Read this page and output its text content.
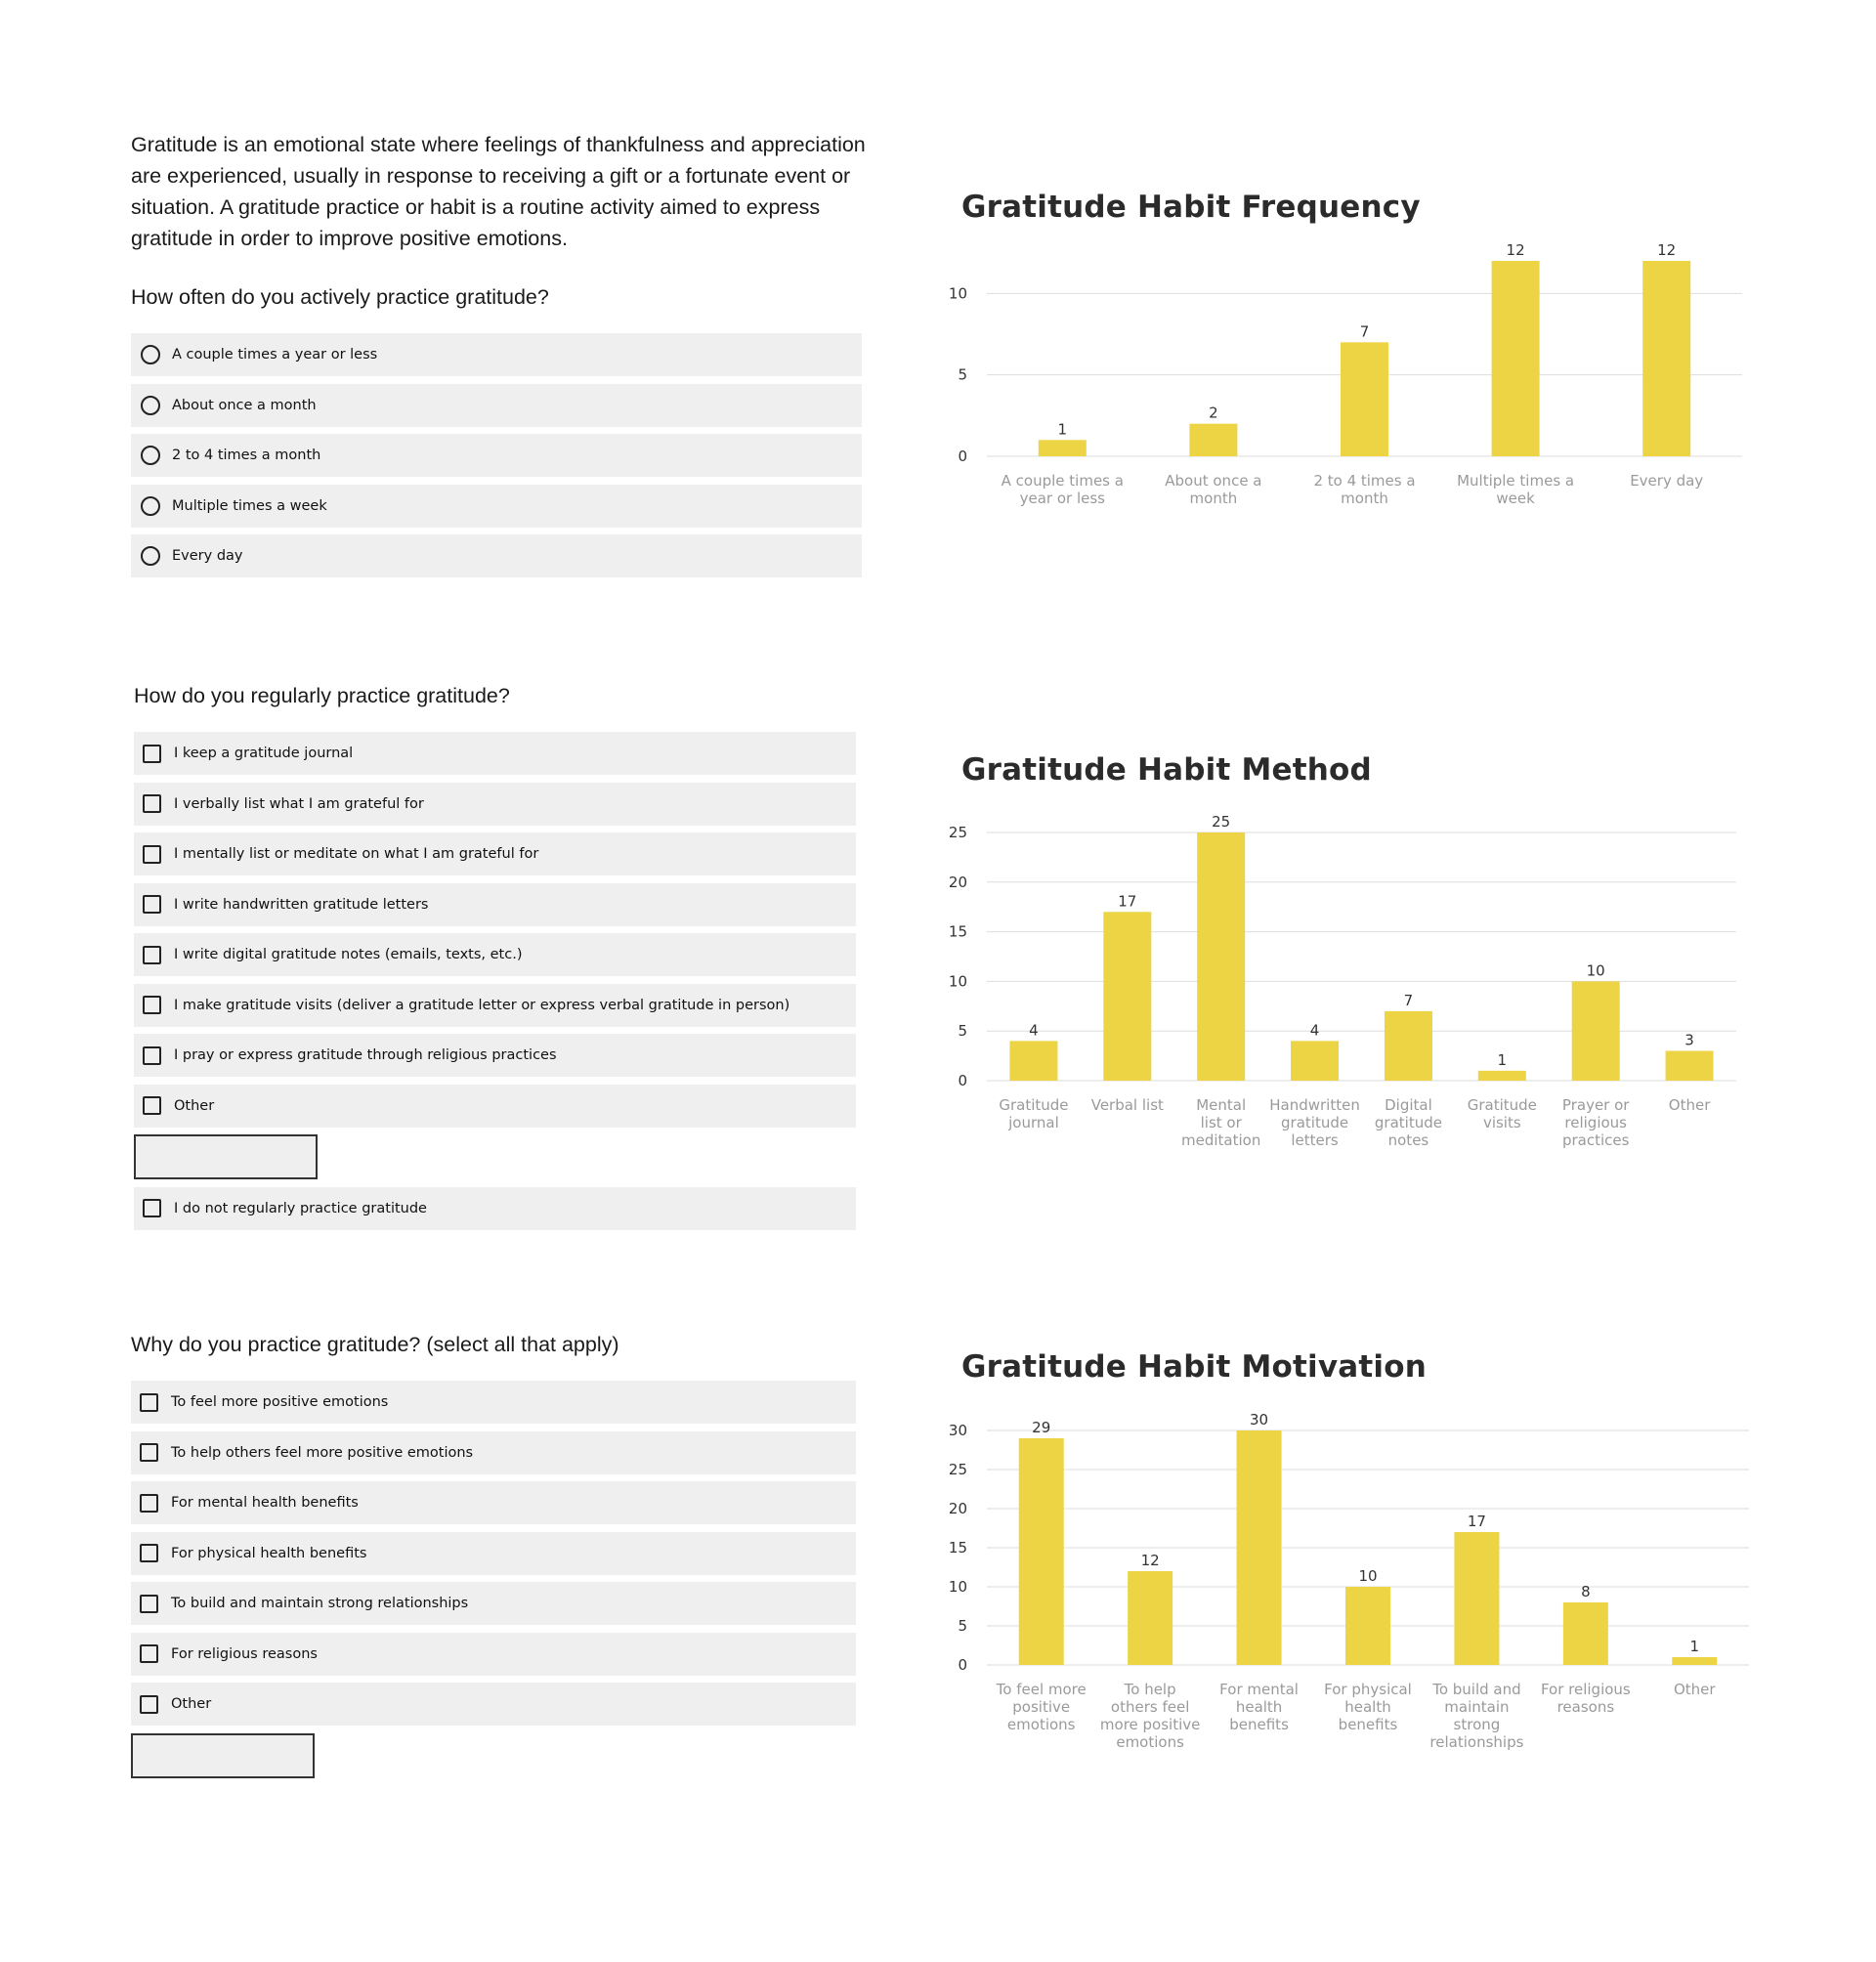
Gratitude is an emotional state where feelings of thankfulness and appreciation are experienced, usually in response to receiving a gift or a fortunate event or situation. A gratitude practice or habit is a routine activity aimed to express gratitude in order to improve positive emotions.

How often do you actively practice gratitude?

A couple times a year or less
About once a month
2 to 4 times a month
Multiple times a week
Every day

How do you regularly practice gratitude?

I keep a gratitude journal
I verbally list what I am grateful for
I mentally list or meditate on what I am grateful for
I write handwritten gratitude letters
I write digital gratitude notes (emails, texts, etc.)
I make gratitude visits (deliver a gratitude letter or express verbal gratitude in person)
I pray or express gratitude through religious practices
Other
I do not regularly practice gratitude

Why do you practice gratitude? (select all that apply)

To feel more positive emotions
To help others feel more positive emotions
For mental health benefits
For physical health benefits
To build and maintain strong relationships
For religious reasons
Other
Gratitude Habit Frequency
0
5
10
1
A couple times a year or less
2
About once a month
7
2 to 4 times a month
12
Multiple times a week
12
Every day
Gratitude Habit Method
0
5
10
15
20
25
4
Gratitude journal
17
Verbal list
25
Mental list or meditation
4
Handwritten gratitude letters
7
Digital gratitude notes
1
Gratitude visits
10
Prayer or religious practices
3
Other
Gratitude Habit Motivation
0
5
10
15
20
25
30	29
To feel more positive emotions
12
To help others feel more positive emotions
30
For mental health benefits
10
For physical health benefits
17
To build and maintain strong relationships
8
For religious reasons
1
Other
